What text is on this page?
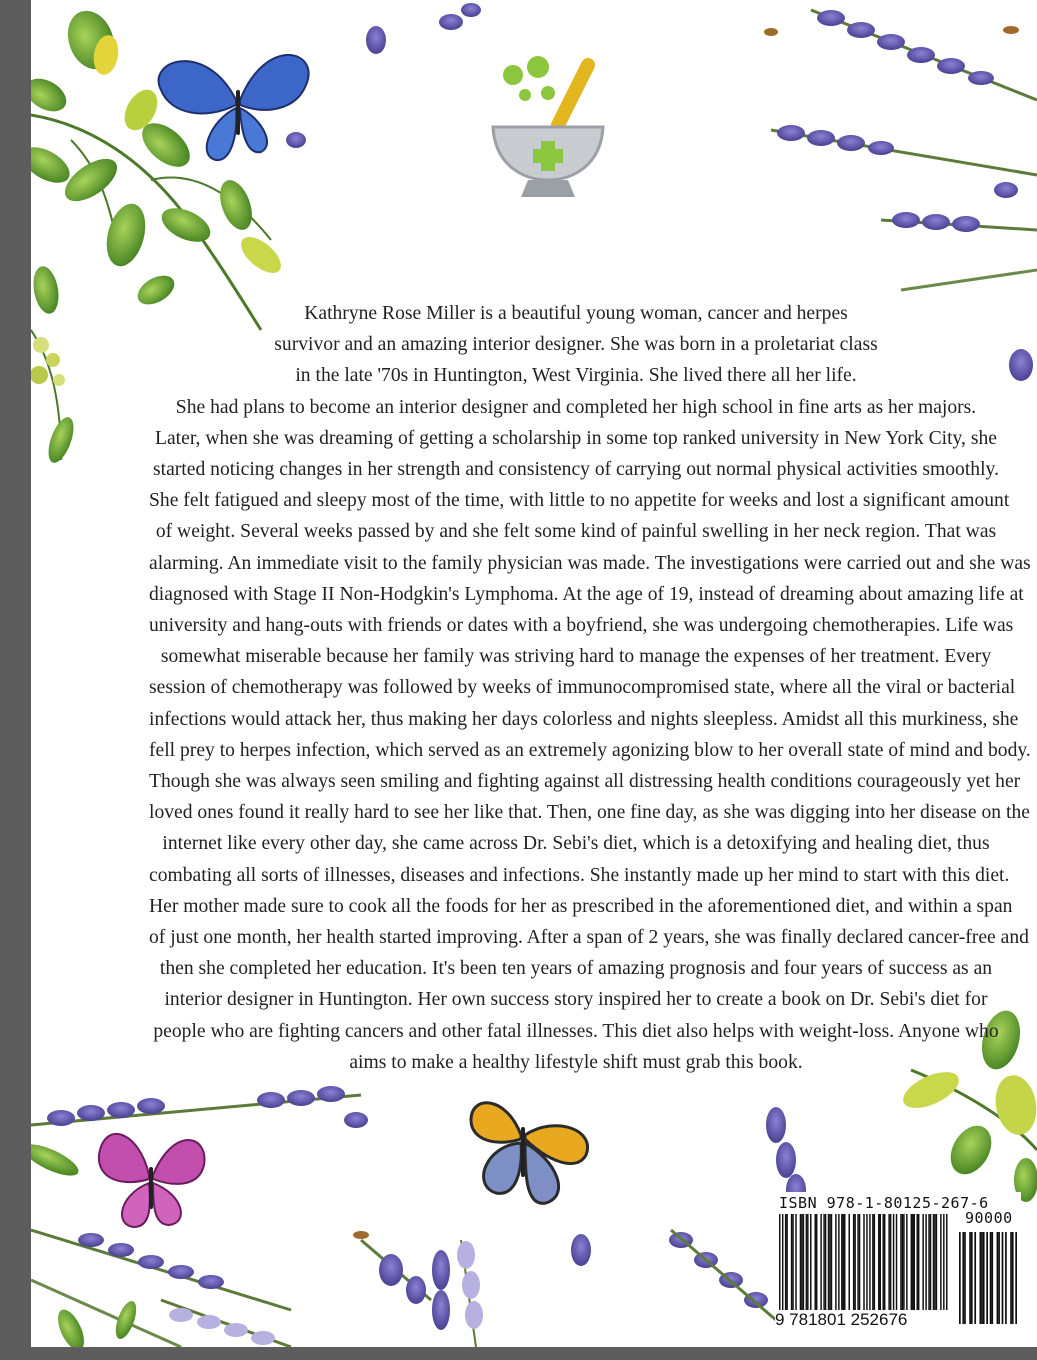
Kathryne Rose Miller is a beautiful young woman, cancer and herpes
survivor and an amazing interior designer. She was born in a proletariat class
in the late '70s in Huntington, West Virginia. She lived there all her life.
She had plans to become an interior designer and completed her high school in fine arts as her majors.
Later, when she was dreaming of getting a scholarship in some top ranked university in New York City, she
started noticing changes in her strength and consistency of carrying out normal physical activities smoothly.
She felt fatigued and sleepy most of the time, with little to no appetite for weeks and lost a significant amount
of weight. Several weeks passed by and she felt some kind of painful swelling in her neck region. That was
alarming. An immediate visit to the family physician was made. The investigations were carried out and she was
diagnosed with Stage II Non-Hodgkin's Lymphoma. At the age of 19, instead of dreaming about amazing life at
university and hang-outs with friends or dates with a boyfriend, she was undergoing chemotherapies. Life was
somewhat miserable because her family was striving hard to manage the expenses of her treatment. Every
session of chemotherapy was followed by weeks of immunocompromised state, where all the viral or bacterial
infections would attack her, thus making her days colorless and nights sleepless. Amidst all this murkiness, she
fell prey to herpes infection, which served as an extremely agonizing blow to her overall state of mind and body.
Though she was always seen smiling and fighting against all distressing health conditions courageously yet her
loved ones found it really hard to see her like that. Then, one fine day, as she was digging into her disease on the
internet like every other day, she came across Dr. Sebi's diet, which is a detoxifying and healing diet, thus
combating all sorts of illnesses, diseases and infections. She instantly made up her mind to start with this diet.
Her mother made sure to cook all the foods for her as prescribed in the aforementioned diet, and within a span
of just one month, her health started improving. After a span of 2 years, she was finally declared cancer-free and
then she completed her education. It's been ten years of amazing prognosis and four years of success as an
interior designer in Huntington. Her own success story inspired her to create a book on Dr. Sebi's diet for
people who are fighting cancers and other fatal illnesses. This diet also helps with weight-loss. Anyone who
aims to make a healthy lifestyle shift must grab this book.
ISBN 978-1-80125-267-6
90000
9 781801 252676
